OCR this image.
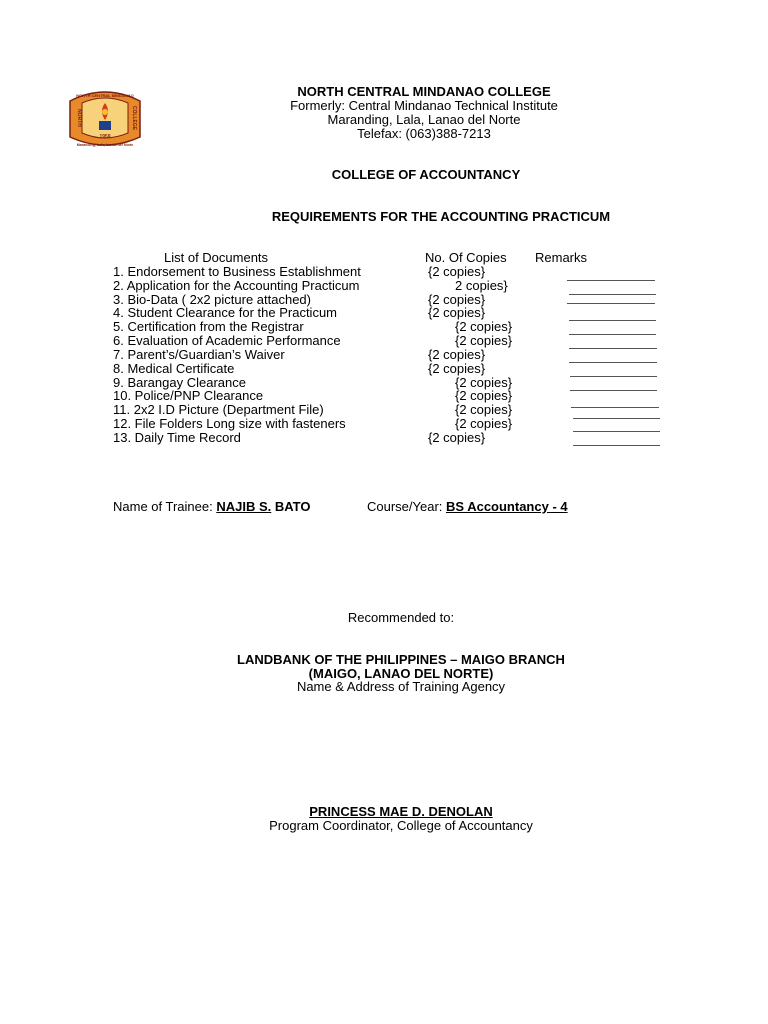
1959
NORTH CENTRAL MINDANAO
NORTH	COLLEGE
Maranding, Lala, Lanao del Norte
NORTH CENTRAL MINDANAO COLLEGE
Formerly: Central Mindanao Technical Institute
Maranding, Lala, Lanao del Norte
Telefax: (063)388-7213
COLLEGE OF ACCOUNTANCY
REQUIREMENTS FOR THE ACCOUNTING PRACTICUM
List of Documents	No. Of Copies Remarks
1. Endorsement to Business Establishment	{2 copies}
2. Application for the Accounting Practicum	2 copies}
3. Bio-Data ( 2x2 picture attached)	{2 copies}
4. Student Clearance for the Practicum	{2 copies}
5. Certification from the Registrar	{2 copies}
6. Evaluation of Academic Performance	{2 copies}
7. Parent’s/Guardian’s Waiver	{2 copies}
8. Medical Certificate	{2 copies}
9. Barangay Clearance	{2 copies}
10. Police/PNP Clearance	{2 copies}
11. 2x2 I.D Picture (Department File)	{2 copies}
12. File Folders Long size with fasteners	{2 copies}
13. Daily Time Record	{2 copies}
Name of Trainee: NAJIB S. BATO	Course/Year: BS Accountancy - 4
Recommended to:
LANDBANK OF THE PHILIPPINES – MAIGO BRANCH
(MAIGO, LANAO DEL NORTE)
Name & Address of Training Agency
PRINCESS MAE D. DENOLAN
Program Coordinator, College of Accountancy
